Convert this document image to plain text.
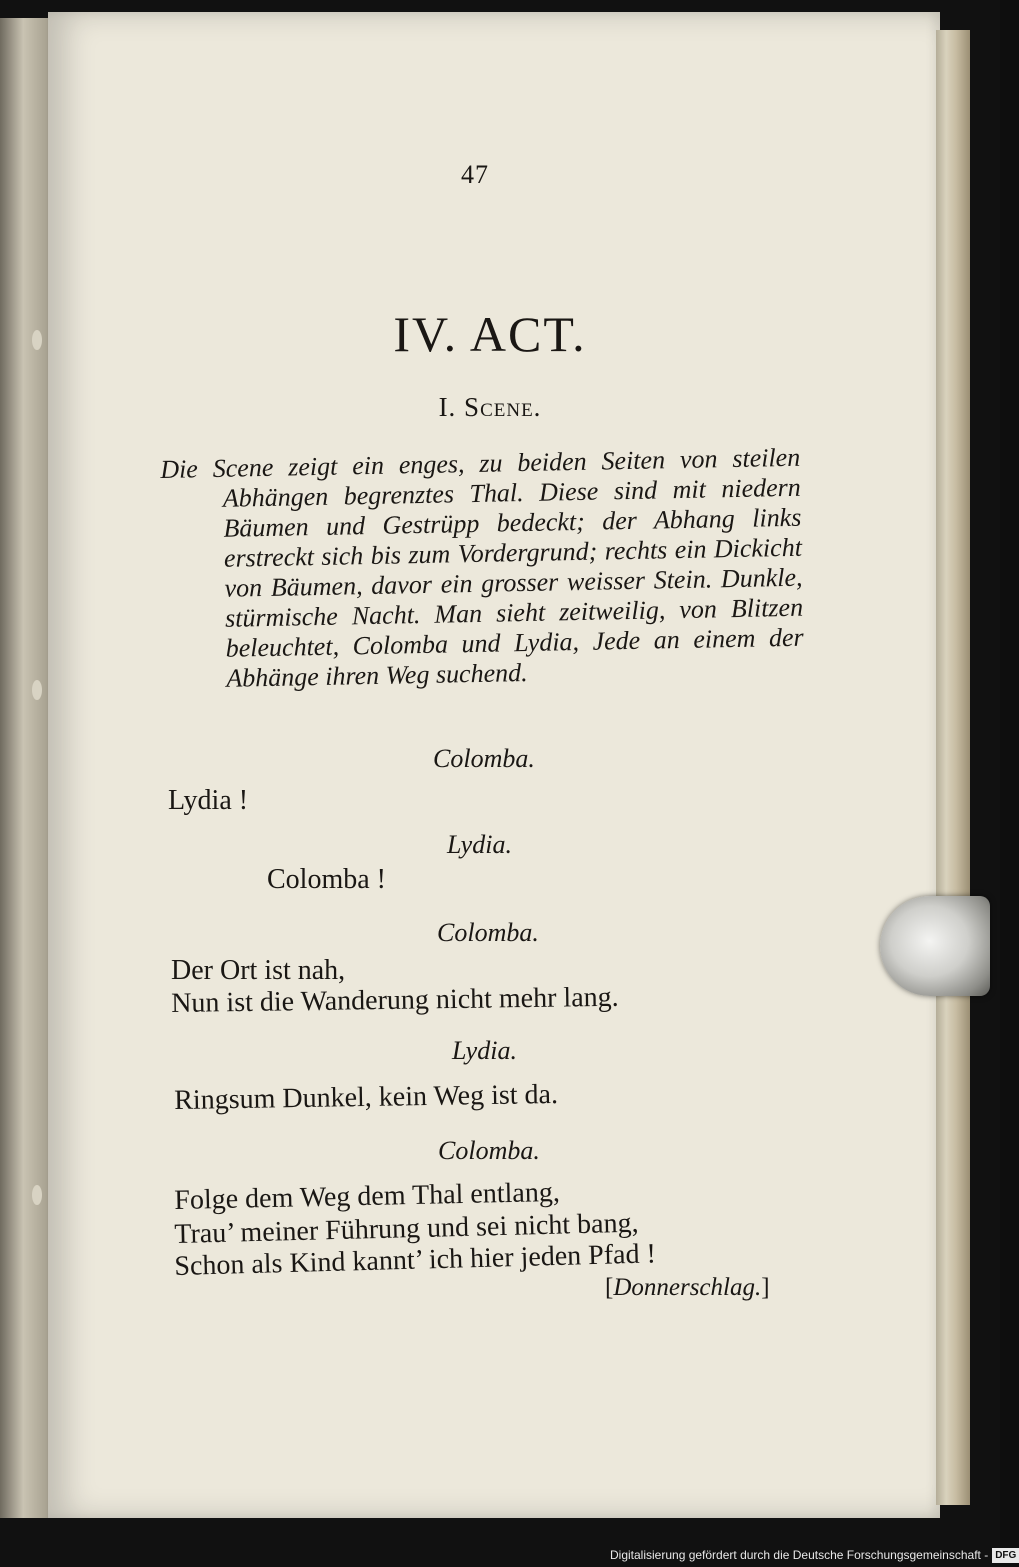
47
IV. ACT.
I. Scene.
Die Scene zeigt ein enges, zu beiden Seiten von steilen Abhängen begrenztes Thal. Diese sind mit niedern Bäumen und Gestrüpp bedeckt; der Abhang links erstreckt sich bis zum Vordergrund; rechts ein Dickicht von Bäumen, davor ein grosser weisser Stein. Dunkle, stürmische Nacht. Man sieht zeitweilig, von Blitzen beleuchtet, Colomba und Lydia, Jede an einem der Abhänge ihren Weg suchend.
Colomba.
Lydia !
Lydia.
Colomba !
Colomba.
Der Ort ist nah,
Nun ist die Wanderung nicht mehr lang.
Lydia.
Ringsum Dunkel, kein Weg ist da.
Colomba.
Folge dem Weg dem Thal entlang,
Trau’ meiner Führung und sei nicht bang,
Schon als Kind kannt’ ich hier jeden Pfad !
[Donnerschlag.]
Digitalisierung gefördert durch die Deutsche Forschungsgemeinschaft - DFG
